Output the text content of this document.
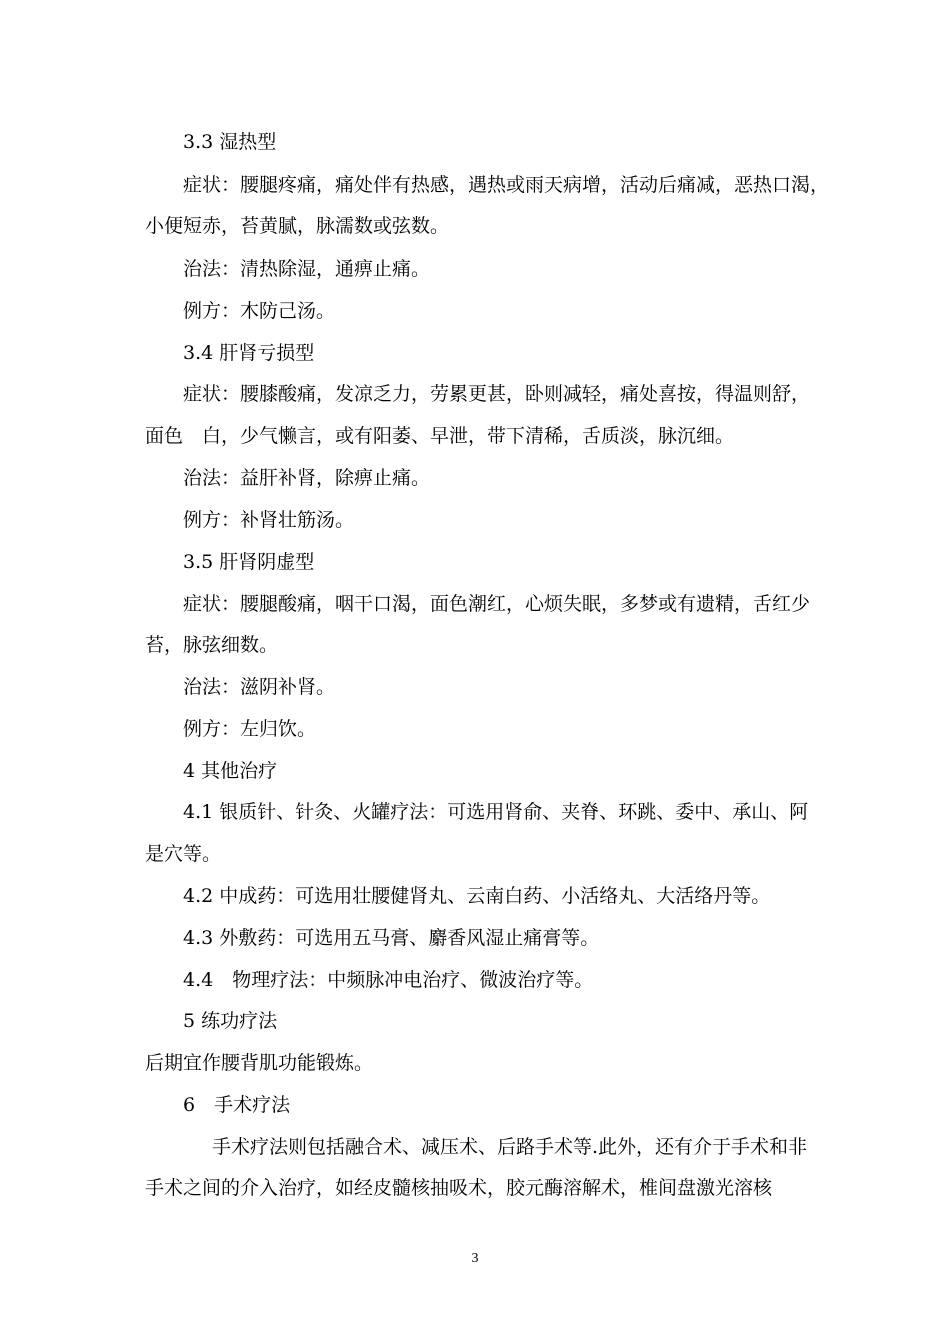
3.3 湿热型
症状：腰腿疼痛，痛处伴有热感，遇热或雨天病增，活动后痛减，恶热口渴，
小便短赤，苔黄腻，脉濡数或弦数。
治法：清热除湿，通痹止痛。
例方：木防己汤。
3.4 肝肾亏损型
症状：腰膝酸痛，发凉乏力，劳累更甚，卧则减轻，痛处喜按，得温则舒，
面色　白，少气懒言，或有阳萎、早泄，带下清稀，舌质淡，脉沉细。
治法：益肝补肾，除痹止痛。
例方：补肾壮筋汤。
3.5 肝肾阴虚型
症状：腰腿酸痛，咽干口渴，面色潮红，心烦失眠，多梦或有遗精，舌红少
苔，脉弦细数。
治法：滋阴补肾。
例方：左归饮。
4 其他治疗
4.1 银质针、针灸、火罐疗法：可选用肾俞、夹脊、环跳、委中、承山、阿
是穴等。
4.2 中成药：可选用壮腰健肾丸、云南白药、小活络丸、大活络丹等。
4.3 外敷药：可选用五马膏、麝香风湿止痛膏等。
4.4　物理疗法：中频脉冲电治疗、微波治疗等。
5 练功疗法
后期宜作腰背肌功能锻炼。
6　手术疗法
手术疗法则包括融合术、减压术、后路手术等.此外，还有介于手术和非
手术之间的介入治疗，如经皮髓核抽吸术，胶元酶溶解术，椎间盘激光溶核
3
